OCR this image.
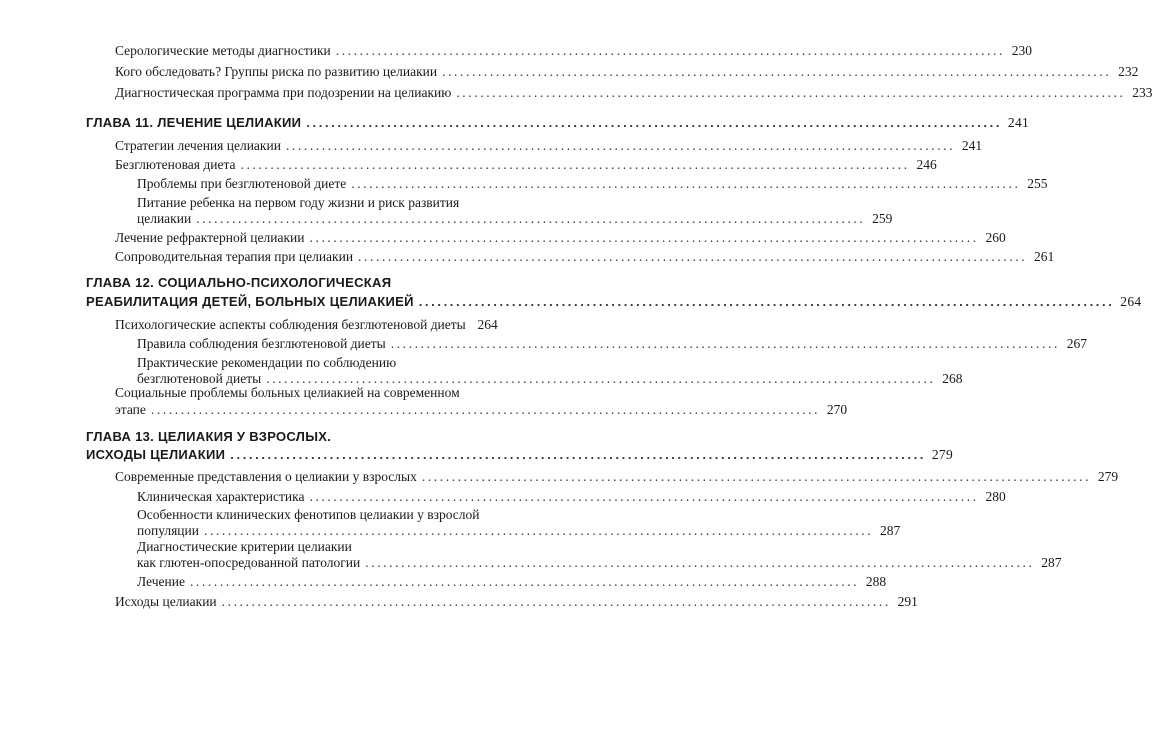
Серологические методы диагностики ................................................................................................................ 230
Кого обследовать? Группы риска по развитию целиакии ................................................................................................................ 232
Диагностическая программа при подозрении на целиакию ................................................................................................................ 233
ГЛАВА 11. ЛЕЧЕНИЕ ЦЕЛИАКИИ ................................................................................................................ 241
Стратегии лечения целиакии ................................................................................................................ 241
Безглютеновая диета ................................................................................................................ 246
Проблемы при безглютеновой диете ................................................................................................................ 255
Питание ребенка на первом году жизни и риск развития
целиакии ................................................................................................................ 259
Лечение рефрактерной целиакии ................................................................................................................ 260
Сопроводительная терапия при целиакии ................................................................................................................ 261
ГЛАВА 12. СОЦИАЛЬНО-ПСИХОЛОГИЧЕСКАЯ
РЕАБИЛИТАЦИЯ ДЕТЕЙ, БОЛЬНЫХ ЦЕЛИАКИЕЙ ................................................................................................................ 264
Психологические аспекты соблюдения безглютеновой диеты 264
Правила соблюдения безглютеновой диеты ................................................................................................................ 267
Практические рекомендации по соблюдению
безглютеновой диеты ................................................................................................................ 268
Социальные проблемы больных целиакией на современном
этапе ................................................................................................................ 270
ГЛАВА 13. ЦЕЛИАКИЯ У ВЗРОСЛЫХ.
ИСХОДЫ ЦЕЛИАКИИ ................................................................................................................ 279
Современные представления о целиакии у взрослых ................................................................................................................ 279
Клиническая характеристика ................................................................................................................ 280
Особенности клинических фенотипов целиакии у взрослой
популяции ................................................................................................................ 287
Диагностические критерии целиакии
как глютен-опосредованной патологии ................................................................................................................ 287
Лечение ................................................................................................................ 288
Исходы целиакии ................................................................................................................ 291
